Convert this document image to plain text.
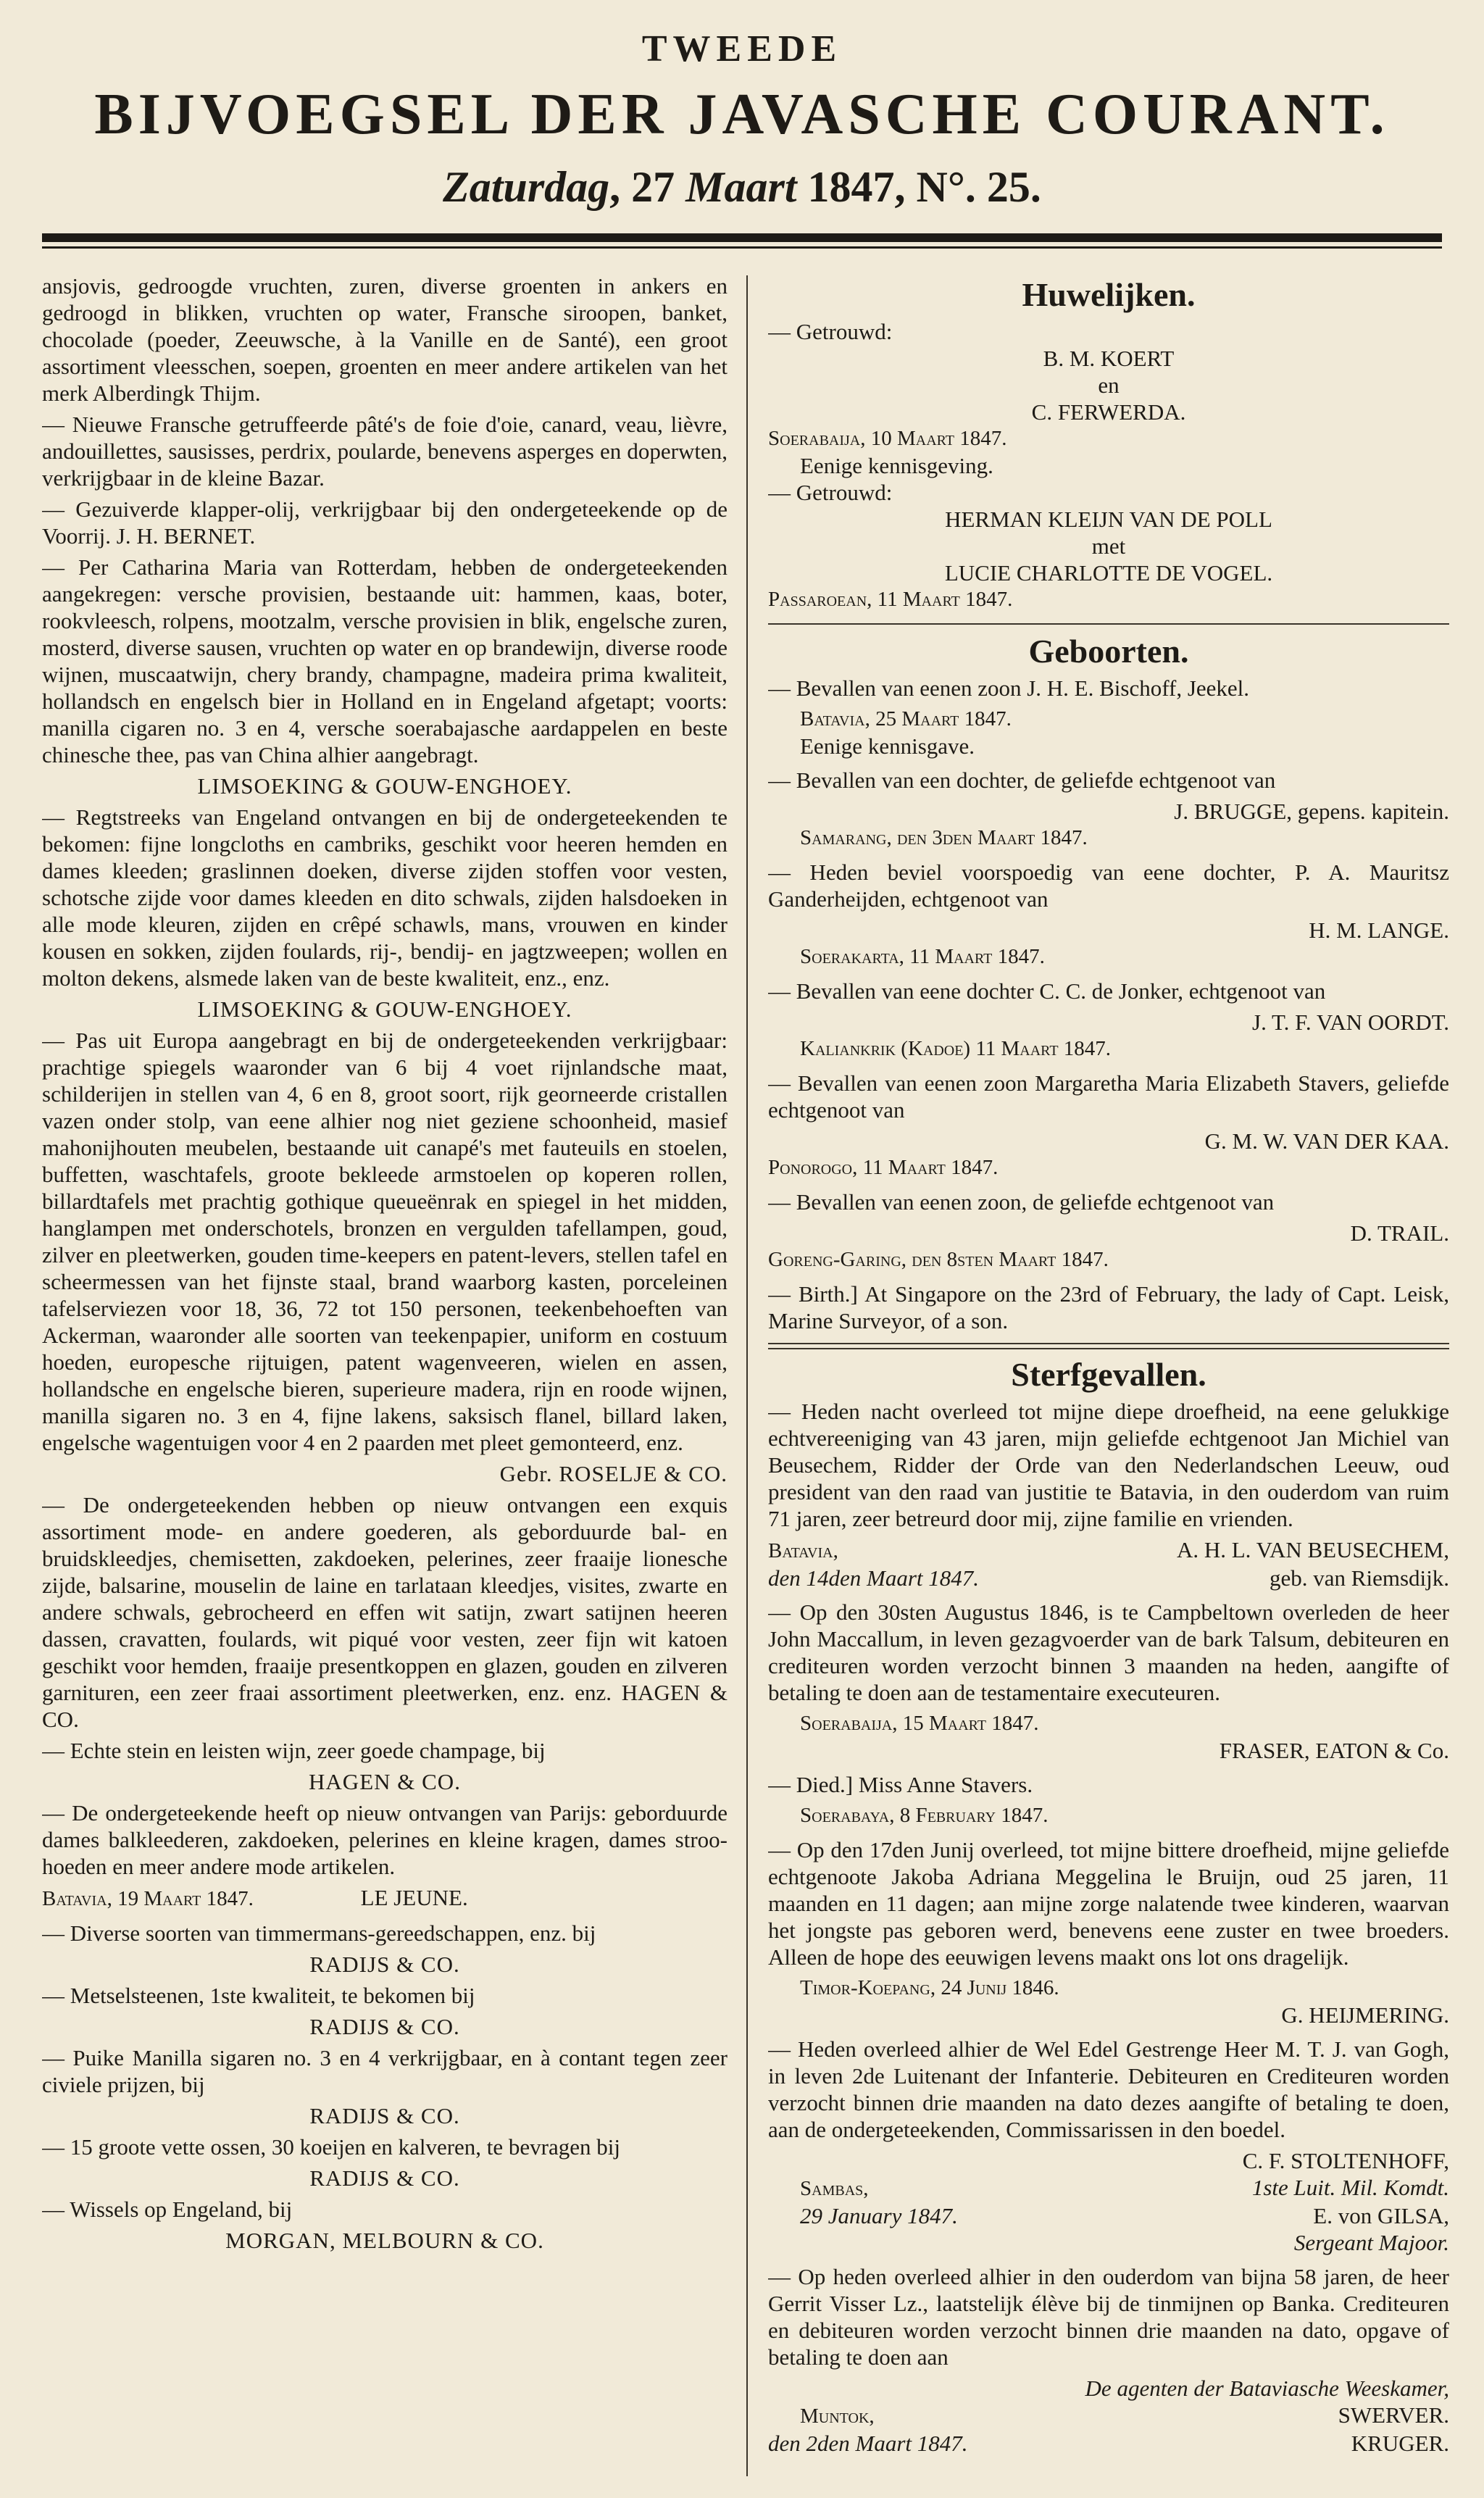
TWEEDE
BIJVOEGSEL DER JAVASCHE COURANT.
Zaturdag, 27 Maart 1847, N°. 25.

ansjovis, gedroogde vruchten, zuren, diverse groenten in ankers en gedroogd in blikken, vruchten op water, Fransche siroopen, banket, chocolade (poeder, Zeeuwsche, à la Vanille en de Santé), een groot assortiment vleesschen, soepen, groenten en meer andere artikelen van het merk Alberdingk Thijm.

— Nieuwe Fransche getruffeerde pâté's de foie d'oie, canard, veau, lièvre, andouillettes, sausisses, perdrix, poularde, benevens asperges en doperwten, verkrijgbaar in de kleine Bazar.

— Gezuiverde klapper-olij, verkrijgbaar bij den ondergeteekende op de Voorrij. J. H. BERNET.

— Per Catharina Maria van Rotterdam, hebben de ondergeteekenden aangekregen: versche provisien, bestaande uit: hammen, kaas, boter, rookvleesch, rolpens, mootzalm, versche provisien in blik, engelsche zuren, mosterd, diverse sausen, vruchten op water en op brandewijn, diverse roode wijnen, muscaatwijn, chery brandy, champagne, madeira prima kwaliteit, hollandsch en engelsch bier in Holland en in Engeland afgetapt; voorts: manilla cigaren no. 3 en 4, versche soerabajasche aardappelen en beste chinesche thee, pas van China alhier aangebragt.

LIMSOEKING & GOUW-ENGHOEY.

— Regtstreeks van Engeland ontvangen en bij de ondergeteekenden te bekomen: fijne longcloths en cambriks, geschikt voor heeren hemden en dames kleeden; graslinnen doeken, diverse zijden stoffen voor vesten, schotsche zijde voor dames kleeden en dito schwals, zijden halsdoeken in alle mode kleuren, zijden en crêpé schawls, mans, vrouwen en kinder kousen en sokken, zijden foulards, rij-, bendij- en jagtzweepen; wollen en molton dekens, alsmede laken van de beste kwaliteit, enz., enz.

LIMSOEKING & GOUW-ENGHOEY.

— Pas uit Europa aangebragt en bij de ondergeteekenden verkrijgbaar: prachtige spiegels waaronder van 6 bij 4 voet rijnlandsche maat, schilderijen in stellen van 4, 6 en 8, groot soort, rijk georneerde cristallen vazen onder stolp, van eene alhier nog niet geziene schoonheid, masief mahonijhouten meubelen, bestaande uit canapé's met fauteuils en stoelen, buffetten, waschtafels, groote bekleede armstoelen op koperen rollen, billardtafels met prachtig gothique queueënrak en spiegel in het midden, hanglampen met onderschotels, bronzen en vergulden tafellampen, goud, zilver en pleetwerken, gouden time-keepers en patent-levers, stellen tafel en scheermessen van het fijnste staal, brand waarborg kasten, porceleinen tafelserviezen voor 18, 36, 72 tot 150 personen, teekenbehoeften van Ackerman, waaronder alle soorten van teekenpapier, uniform en costuum hoeden, europesche rijtuigen, patent wagenveeren, wielen en assen, hollandsche en engelsche bieren, superieure madera, rijn en roode wijnen, manilla sigaren no. 3 en 4, fijne lakens, saksisch flanel, billard laken, engelsche wagentuigen voor 4 en 2 paarden met pleet gemonteerd, enz.

Gebr. ROSELJE & CO.

— De ondergeteekenden hebben op nieuw ontvangen een exquis assortiment mode- en andere goederen, als geborduurde bal- en bruidskleedjes, chemisetten, zakdoeken, pelerines, zeer fraaije lionesche zijde, balsarine, mouselin de laine en tarlataan kleedjes, visites, zwarte en andere schwals, gebrocheerd en effen wit satijn, zwart satijnen heeren dassen, cravatten, foulards, wit piqué voor vesten, zeer fijn wit katoen geschikt voor hemden, fraaije presentkoppen en glazen, gouden en zilveren garnituren, een zeer fraai assortiment pleetwerken, enz. enz. HAGEN & CO.

— Echte stein en leisten wijn, zeer goede champage, bij

HAGEN & CO.

— De ondergeteekende heeft op nieuw ontvangen van Parijs: geborduurde dames balkleederen, zakdoeken, pelerines en kleine kragen, dames stroo-hoeden en meer andere mode artikelen.

Batavia, 19 Maart 1847.	LE JEUNE.

— Diverse soorten van timmermans-gereedschappen, enz. bij

RADIJS & CO.

— Metselsteenen, 1ste kwaliteit, te bekomen bij

RADIJS & CO.

— Puike Manilla sigaren no. 3 en 4 verkrijgbaar, en à contant tegen zeer civiele prijzen, bij

RADIJS & CO.

— 15 groote vette ossen, 30 koeijen en kalveren, te bevragen bij

RADIJS & CO.

— Wissels op Engeland, bij

MORGAN, MELBOURN & CO.

Huwelijken.

— Getrouwd:

B. M. KOERT

en

C. FERWERDA.

Soerabaija, 10 Maart 1847.

Eenige kennisgeving.

— Getrouwd:

HERMAN KLEIJN VAN DE POLL

met

LUCIE CHARLOTTE DE VOGEL.

Passaroean, 11 Maart 1847.

Geboorten.

— Bevallen van eenen zoon J. H. E. Bischoff, Jeekel.

Batavia, 25 Maart 1847.

Eenige kennisgave.

— Bevallen van een dochter, de geliefde echtgenoot van

J. BRUGGE, gepens. kapitein.

Samarang, den 3den Maart 1847.

— Heden beviel voorspoedig van eene dochter, P. A. Mauritsz Ganderheijden, echtgenoot van

H. M. LANGE.

Soerakarta, 11 Maart 1847.

— Bevallen van eene dochter C. C. de Jonker, echtgenoot van

J. T. F. VAN OORDT.

Kaliankrik (Kadoe) 11 Maart 1847.

— Bevallen van eenen zoon Margaretha Maria Elizabeth Stavers, geliefde echtgenoot van

G. M. W. VAN DER KAA.

Ponorogo, 11 Maart 1847.

— Bevallen van eenen zoon, de geliefde echtgenoot van

D. TRAIL.

Goreng-Garing, den 8sten Maart 1847.

— Birth.] At Singapore on the 23rd of February, the lady of Capt. Leisk, Marine Surveyor, of a son.

Sterfgevallen.

— Heden nacht overleed tot mijne diepe droefheid, na eene gelukkige echtvereeniging van 43 jaren, mijn geliefde echtgenoot Jan Michiel van Beusechem, Ridder der Orde van den Nederlandschen Leeuw, oud president van den raad van justitie te Batavia, in den ouderdom van ruim 71 jaren, zeer betreurd door mij, zijne familie en vrienden.

Batavia,	A. H. L. VAN BEUSECHEM,

den 14den Maart 1847.	geb. van Riemsdijk.

— Op den 30sten Augustus 1846, is te Campbeltown overleden de heer John Maccallum, in leven gezagvoerder van de bark Talsum, debiteuren en crediteuren worden verzocht binnen 3 maanden na heden, aangifte of betaling te doen aan de testamentaire executeuren.

Soerabaija, 15 Maart 1847.

FRASER, EATON & Co.

— Died.] Miss Anne Stavers.

Soerabaya, 8 February 1847.

— Op den 17den Junij overleed, tot mijne bittere droefheid, mijne geliefde echtgenoote Jakoba Adriana Meggelina le Bruijn, oud 25 jaren, 11 maanden en 11 dagen; aan mijne zorge nalatende twee kinderen, waarvan het jongste pas geboren werd, benevens eene zuster en twee broeders. Alleen de hope des eeuwigen levens maakt ons lot ons dragelijk.

Timor-Koepang, 24 Junij 1846.

G. HEIJMERING.

— Heden overleed alhier de Wel Edel Gestrenge Heer M. T. J. van Gogh, in leven 2de Luitenant der Infanterie. Debiteuren en Crediteuren worden verzocht binnen drie maanden na dato dezes aangifte of betaling te doen, aan de ondergeteekenden, Commissarissen in den boedel.

C. F. STOLTENHOFF,

Sambas,	1ste Luit. Mil. Komdt.

29 January 1847.	E. von GILSA,

Sergeant Majoor.

— Op heden overleed alhier in den ouderdom van bijna 58 jaren, de heer Gerrit Visser Lz., laatstelijk élève bij de tinmijnen op Banka. Crediteuren en debiteuren worden verzocht binnen drie maanden na dato, opgave of betaling te doen aan

De agenten der Bataviasche Weeskamer,

Muntok,	SWERVER.

den 2den Maart 1847.	KRUGER.
